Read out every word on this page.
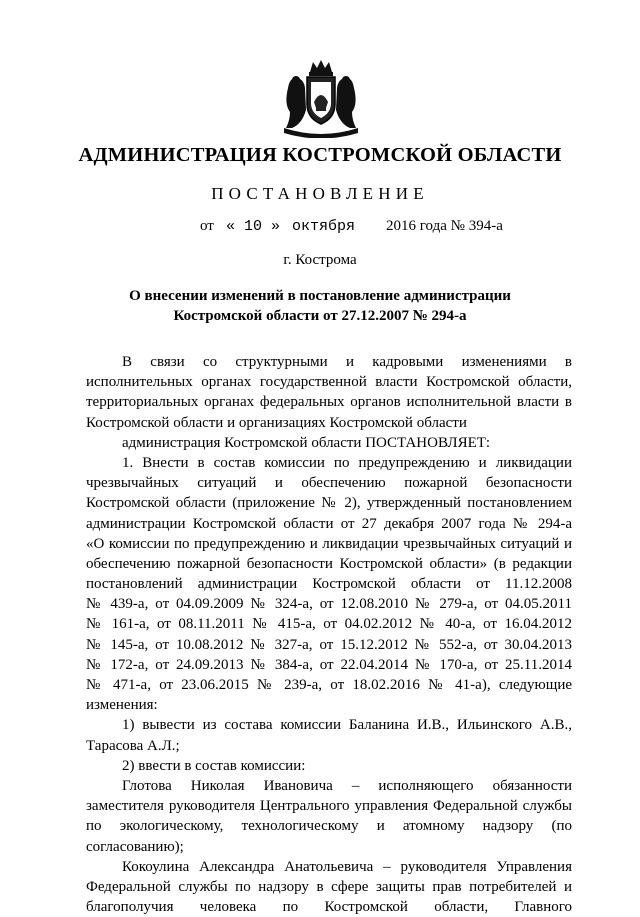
АДМИНИСТРАЦИЯ КОСТРОМСКОЙ ОБЛАСТИ
ПОСТАНОВЛЕНИЕ
от « 10 » октября 2016 года № 394-а
г. Кострома
О внесении изменений в постановление администрации
Костромской области от 27.12.2007 № 294-а
В связи со структурными и кадровыми изменениями в
исполнительных органах государственной власти Костромской области,
территориальных органах федеральных органов исполнительной власти в
Костромской области и организациях Костромской области
администрация Костромской области ПОСТАНОВЛЯЕТ:
1. Внести в состав комиссии по предупреждению и ликвидации
чрезвычайных ситуаций и обеспечению пожарной безопасности
Костромской области (приложение № 2), утвержденный постановлением
администрации Костромской области от 27 декабря 2007 года № 294-а
«О комиссии по предупреждению и ликвидации чрезвычайных ситуаций и
обеспечению пожарной безопасности Костромской области» (в редакции
постановлений администрации Костромской области от 11.12.2008
№ 439-а, от 04.09.2009 № 324-а, от 12.08.2010 № 279-а, от 04.05.2011
№ 161-а, от 08.11.2011 № 415-а, от 04.02.2012 № 40-а, от 16.04.2012
№ 145-а, от 10.08.2012 № 327-а, от 15.12.2012 № 552-а, от 30.04.2013
№ 172-а, от 24.09.2013 № 384-а, от 22.04.2014 № 170-а, от 25.11.2014
№ 471-а, от 23.06.2015 № 239-а, от 18.02.2016 № 41-а), следующие
изменения:
1) вывести из состава комиссии Баланина И.В., Ильинского А.В.,
Тарасова А.Л.;
2) ввести в состав комиссии:
Глотова Николая Ивановича – исполняющего обязанности
заместителя руководителя Центрального управления Федеральной службы
по экологическому, технологическому и атомному надзору (по
согласованию);
Кокоулина Александра Анатольевича – руководителя Управления
Федеральной службы по надзору в сфере защиты прав потребителей и
благополучия человека по Костромской области, Главного
